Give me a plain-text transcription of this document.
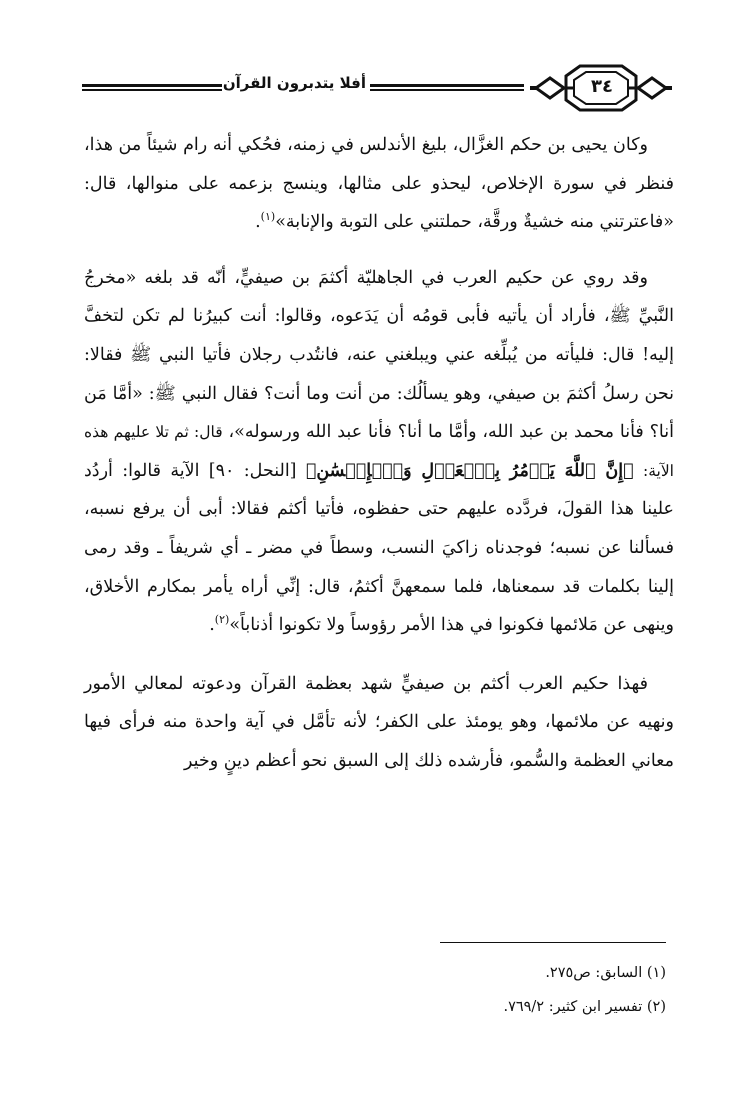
أفلا يتدبرون القرآن	٣٤

وكان يحيى بن حكم الغزَّال، بليغ الأندلس في زمنه، فحُكي أنه رام شيئاً من هذا، فنظر في سورة الإخلاص، ليحذو على مثالها، وينسج بزعمه على منوالها، قال: «فاعترتني منه خشيةٌ ورقَّة، حملتني على التوبة والإنابة»$^{(١)}$.

وقد روي عن حكيم العرب في الجاهليّة أكثمَ بن صيفيٍّ، أنّه قد بلغه «مخرجُ النَّبيِّ ﷺ، فأراد أن يأتيه فأبى قومُه أن يَدَعوه، وقالوا: أنت كبيرُنا لم تكن لتخفَّ إليه! قال: فليأته من يُبلِّغه عني ويبلغني عنه، فانتُدب رجلان فأتيا النبي ﷺ فقالا: نحن رسلُ أكثمَ بن صيفي، وهو يسألُك: من أنت وما أنت؟ فقال النبي ﷺ: «أمَّا مَن أنا؟ فأنا محمد بن عبد الله، وأمَّا ما أنا؟ فأنا عبد الله ورسوله»، قال: ثم تلا عليهم هذه الآية: ﴿إِنَّ ٱللَّهَ يَأۡمُرُ بِٱلۡعَدۡلِ وَٱلۡإِحۡسَٰنِ﴾ [النحل: ٩٠] الآية قالوا: أردُد علينا هذا القولَ، فردَّده عليهم حتى حفظوه، فأتيا أكثم فقالا: أبى أن يرفع نسبه، فسألنا عن نسبه؛ فوجدناه زاكيَ النسب، وسطاً في مضر ـ أي شريفاً ـ وقد رمى إلينا بكلمات قد سمعناها، فلما سمعهنَّ أكثمُ، قال: إنِّي أراه يأمر بمكارم الأخلاق، وينهى عن مَلائمها فكونوا في هذا الأمر رؤوساً ولا تكونوا أذناباً»$^{(٢)}$.

فهذا حكيم العرب أكثم بن صيفيٍّ شهد بعظمة القرآن ودعوته لمعالي الأمور ونهيه عن ملائمها، وهو يومئذ على الكفر؛ لأنه تأمَّل في آية واحدة منه فرأى فيها معاني العظمة والسُّمو، فأرشده ذلك إلى السبق نحو أعظم دينٍ وخير

(١) السابق: ص٢٧٥.
(٢) تفسير ابن كثير: ٧٦٩/٢.
